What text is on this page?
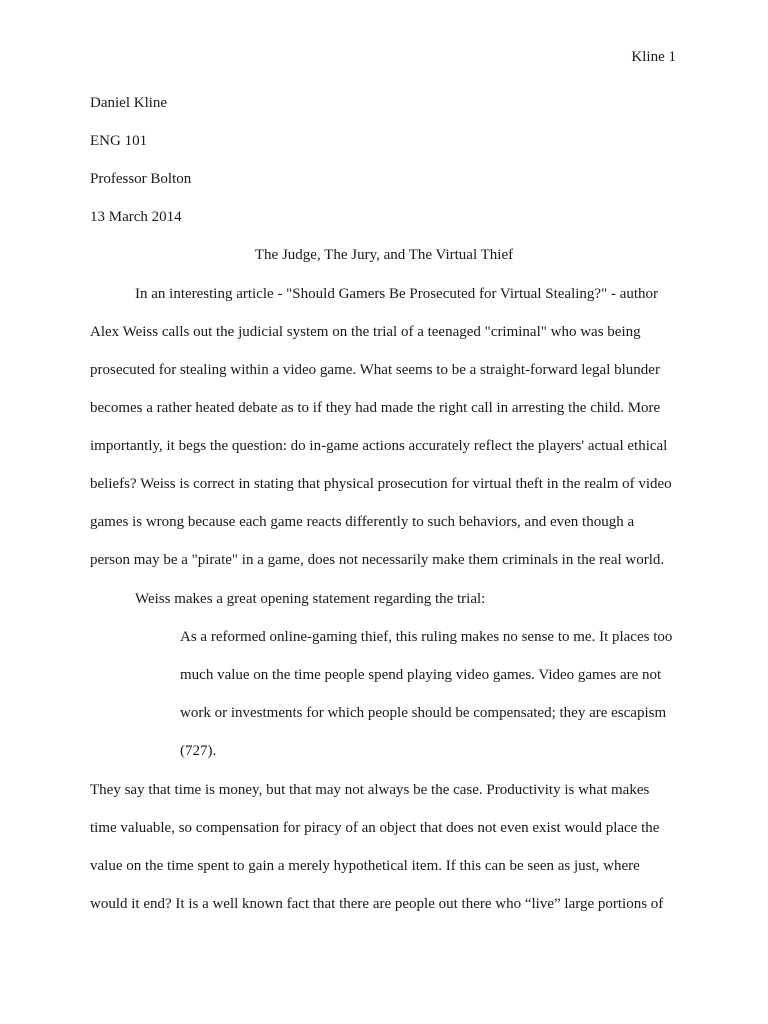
Kline 1
Daniel Kline
ENG 101
Professor Bolton
13 March 2014
The Judge, The Jury, and The Virtual Thief
In an interesting article - "Should Gamers Be Prosecuted for Virtual Stealing?" - author
Alex Weiss calls out the judicial system on the trial of a teenaged "criminal" who was being
prosecuted for stealing within a video game. What seems to be a straight-forward legal blunder
becomes a rather heated debate as to if they had made the right call in arresting the child. More
importantly, it begs the question: do in-game actions accurately reflect the players' actual ethical
beliefs? Weiss is correct in stating that physical prosecution for virtual theft in the realm of video
games is wrong because each game reacts differently to such behaviors, and even though a
person may be a "pirate" in a game, does not necessarily make them criminals in the real world.
Weiss makes a great opening statement regarding the trial:
As a reformed online-gaming thief, this ruling makes no sense to me. It places too
much value on the time people spend playing video games. Video games are not
work or investments for which people should be compensated; they are escapism
(727).
They say that time is money, but that may not always be the case. Productivity is what makes
time valuable, so compensation for piracy of an object that does not even exist would place the
value on the time spent to gain a merely hypothetical item. If this can be seen as just, where
would it end? It is a well known fact that there are people out there who “live” large portions of
